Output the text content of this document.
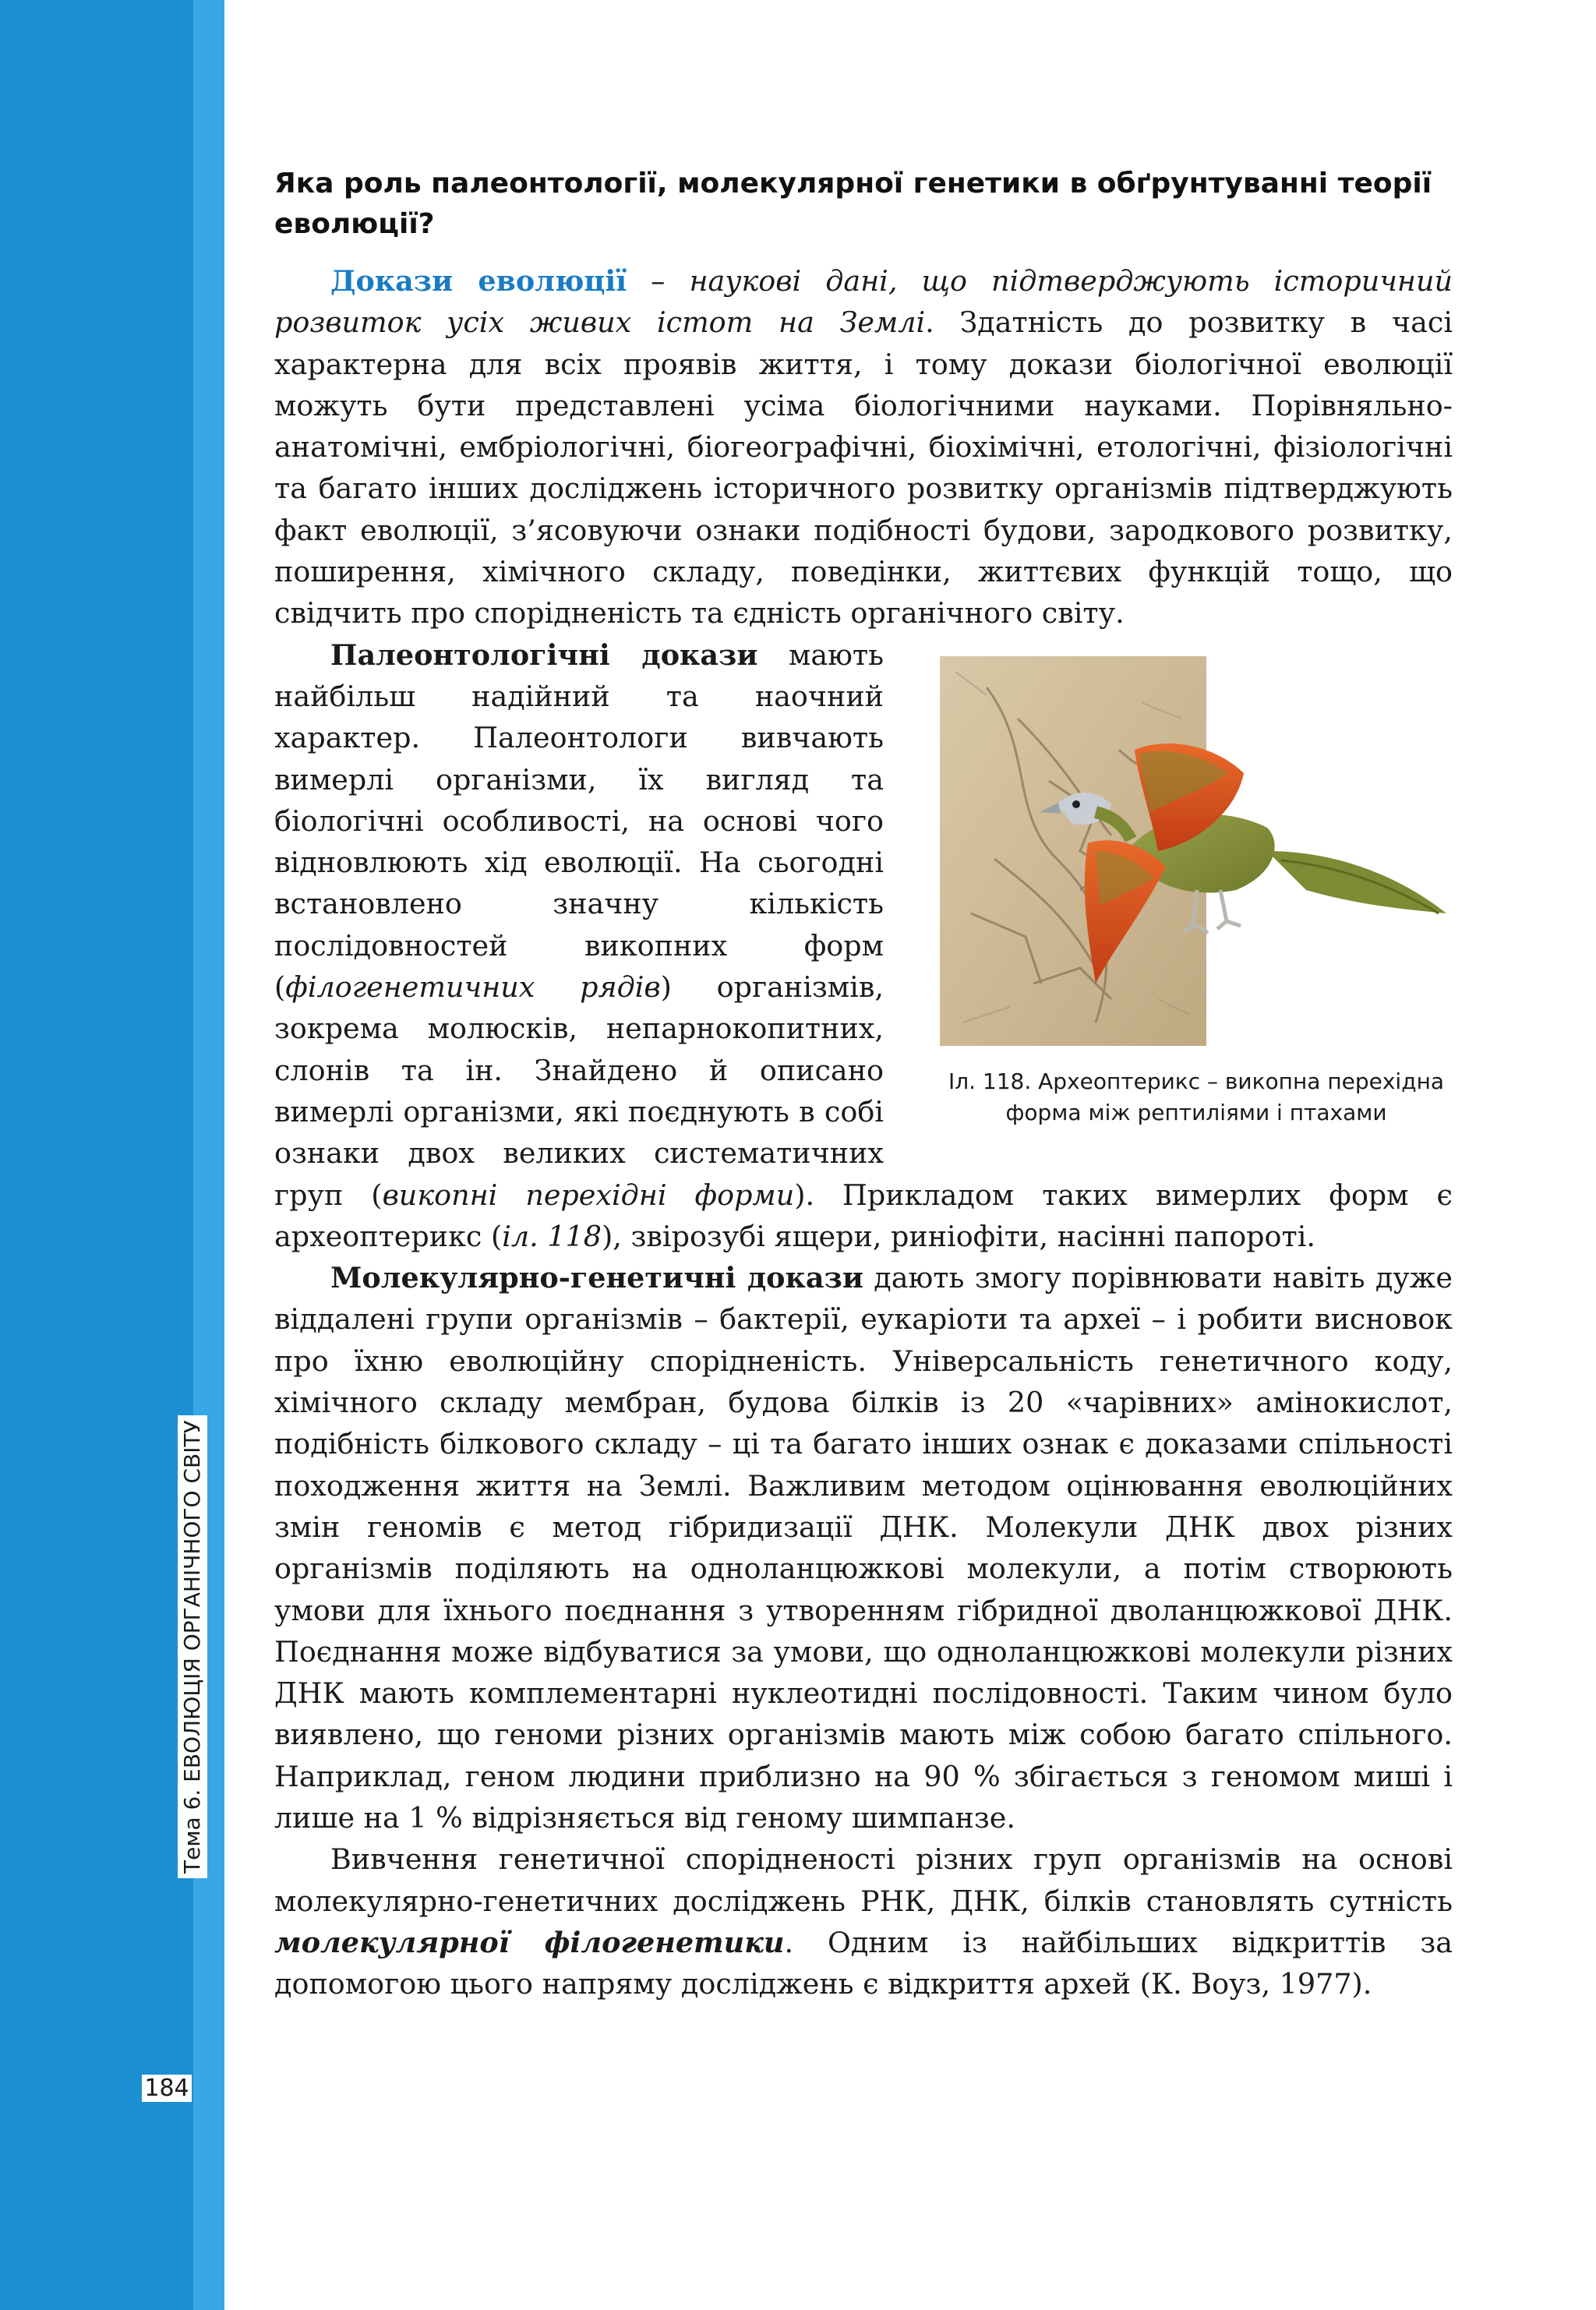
Тема 6. ЕВОЛЮЦІЯ ОРГАНІЧНОГО СВІТУ
184
Яка роль палеонтології, молекулярної генетики в обґрунтуванні теорії еволюції?

Докази еволюції – наукові дані, що підтверджують історичний розвиток усіх живих істот на Землі. Здатність до розвитку в часі характерна для всіх проявів життя, і тому докази біологічної еволюції можуть бути представлені усіма біологічними науками. Порівняльно-анатомічні, ембріологічні, біогеографічні, біохімічні, етологічні, фізіологічні та багато інших досліджень історичного розвитку організмів підтверджують факт еволюції, з’ясовуючи ознаки подібності будови, зародкового розвитку, поширення, хімічного складу, поведінки, життєвих функцій тощо, що свідчить про спорідненість та єдність органічного світу.

Іл. 118. Археоптерикс – викопна перехідна форма між рептиліями і птахами

Палеонтологічні докази мають найбільш надійний та наочний характер. Палеонтологи вивчають вимерлі організми, їх вигляд та біологічні особливості, на основі чого відновлюють хід еволюції. На сьогодні встановлено значну кількість послідовностей викопних форм (філогенетичних рядів) організмів, зокрема молюсків, непарнокопитних, слонів та ін. Знайдено й описано вимерлі організми, які поєднують в собі ознаки двох великих систематичних груп (викопні перехідні форми). Прикладом таких вимерлих форм є археоптерикс (іл. 118), звірозубі ящери, риніофіти, насінні папороті.

Молекулярно-генетичні докази дають змогу порівнювати навіть дуже віддалені групи організмів – бактерії, еукаріоти та археї – і робити висновок про їхню еволюційну спорідненість. Універсальність генетичного коду, хімічного складу мембран, будова білків із 20 «чарівних» амінокислот, подібність білкового складу – ці та багато інших ознак є доказами спільності походження життя на Землі. Важливим методом оцінювання еволюційних змін геномів є метод гібридизації ДНК. Молекули ДНК двох різних організмів поділяють на одноланцюжкові молекули, а потім створюють умови для їхнього поєднання з утворенням гібридної дволанцюжкової ДНК. Поєднання може відбуватися за умови, що одноланцюжкові молекули різних ДНК мають комплементарні нуклеотидні послідовності. Таким чином було виявлено, що геноми різних організмів мають між собою багато спільного. Наприклад, геном людини приблизно на 90 % збігається з геномом миші і лише на 1 % відрізняється від геному шимпанзе.

Вивчення генетичної спорідненості різних груп організмів на основі молекулярно-генетичних досліджень РНК, ДНК, білків становлять сутність молекулярної філогенетики. Одним із найбільших відкриттів за допомогою цього напряму досліджень є відкриття архей (К. Воуз, 1977).
